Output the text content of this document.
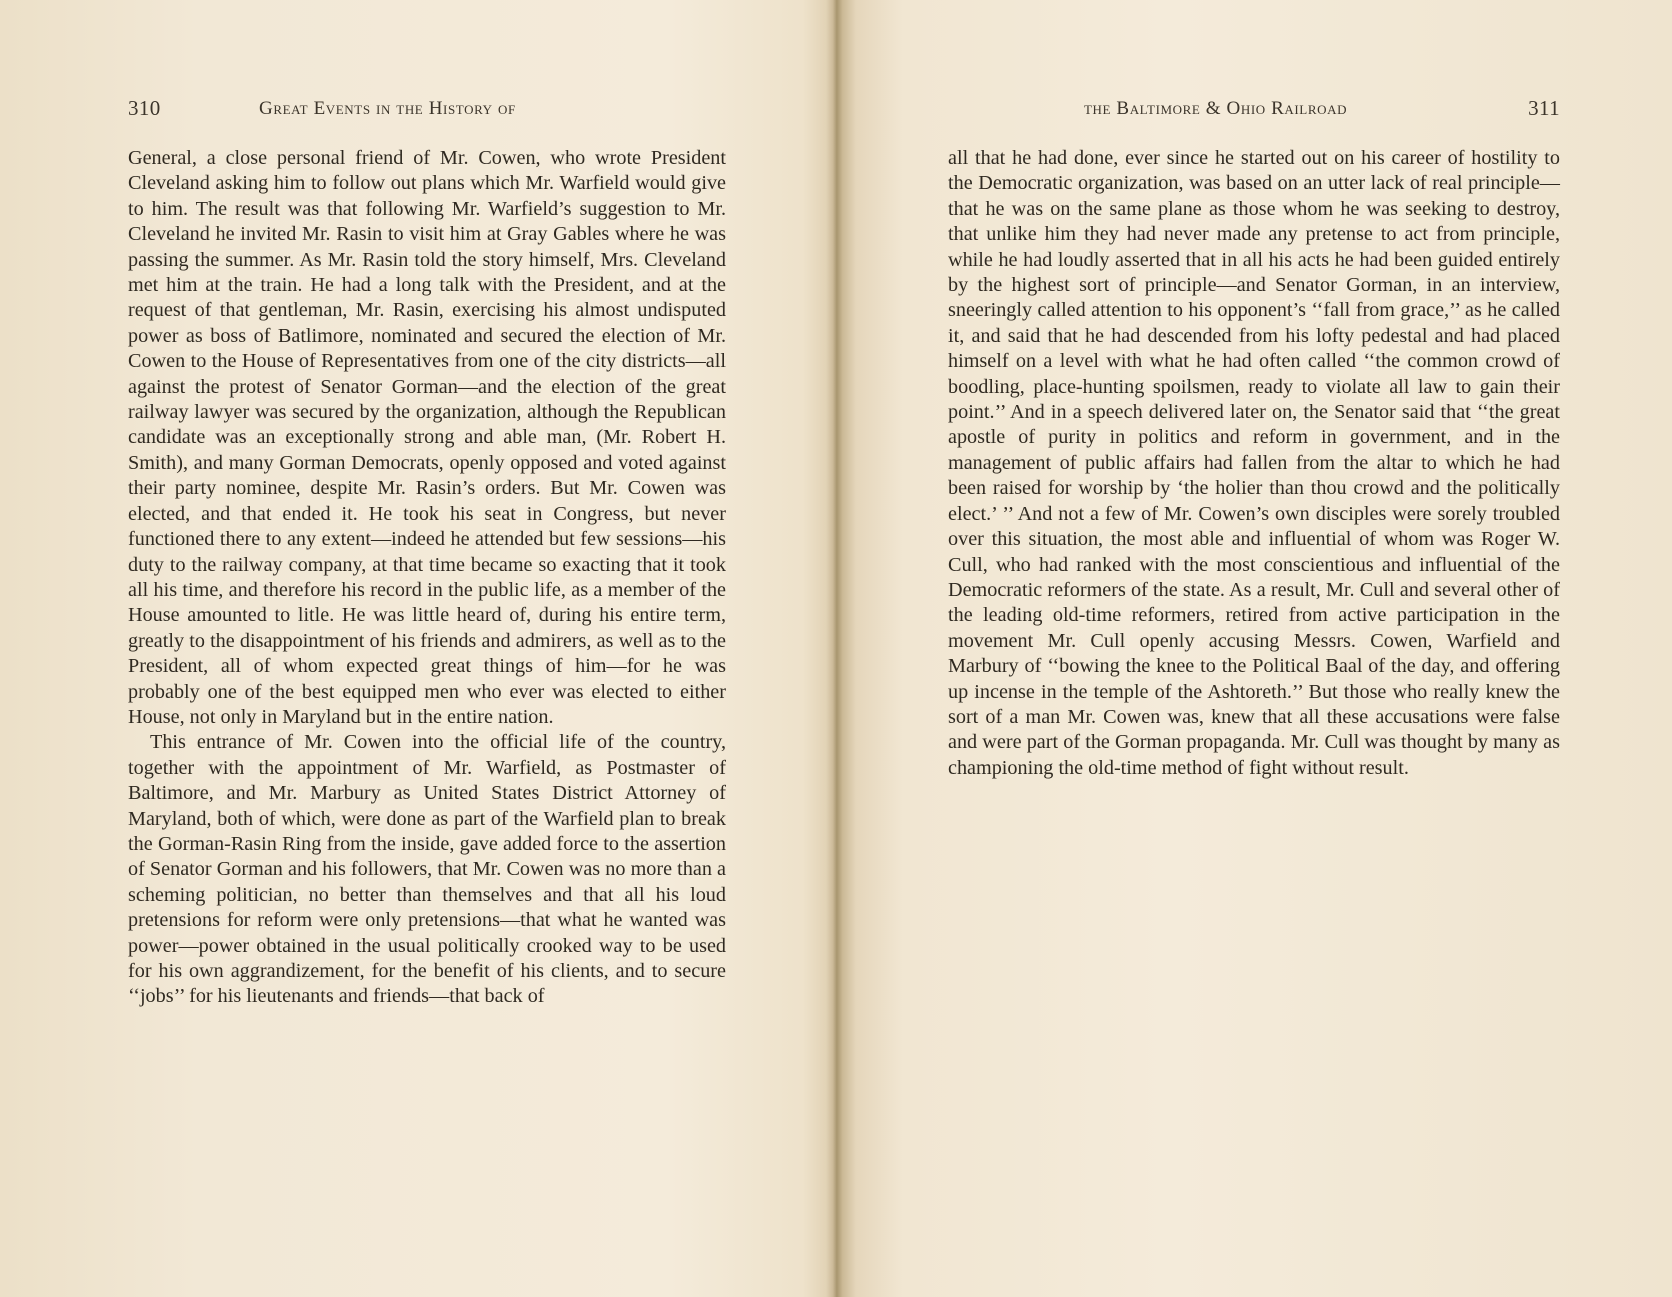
310	Great Events in the History of

General, a close personal friend of Mr. Cowen, who wrote President Cleveland asking him to follow out plans which Mr. Warfield would give to him. The result was that following Mr. Warfield’s suggestion to Mr. Cleveland he invited Mr. Rasin to visit him at Gray Gables where he was passing the summer. As Mr. Rasin told the story himself, Mrs. Cleveland met him at the train. He had a long talk with the President, and at the request of that gentleman, Mr. Rasin, exercising his almost undisputed power as boss of Batlimore, nominated and secured the election of Mr. Cowen to the House of Representatives from one of the city districts—all against the protest of Senator Gorman—and the election of the great railway lawyer was secured by the organization, although the Republican candidate was an exceptionally strong and able man, (Mr. Robert H. Smith), and many Gorman Democrats, openly opposed and voted against their party nominee, despite Mr. Rasin’s orders. But Mr. Cowen was elected, and that ended it. He took his seat in Congress, but never functioned there to any extent—indeed he attended but few sessions—his duty to the railway company, at that time became so exacting that it took all his time, and therefore his record in the public life, as a member of the House amounted to litle. He was little heard of, during his entire term, greatly to the disappointment of his friends and admirers, as well as to the President, all of whom expected great things of him—for he was probably one of the best equipped men who ever was elected to either House, not only in Maryland but in the entire nation.

This entrance of Mr. Cowen into the official life of the country, together with the appointment of Mr. Warfield, as Postmaster of Baltimore, and Mr. Marbury as United States District Attorney of Maryland, both of which, were done as part of the Warfield plan to break the Gorman-Rasin Ring from the inside, gave added force to the assertion of Senator Gorman and his followers, that Mr. Cowen was no more than a scheming politician, no better than themselves and that all his loud pretensions for reform were only pretensions—that what he wanted was power—power obtained in the usual politically crooked way to be used for his own aggrandizement, for the benefit of his clients, and to secure ‘‘jobs’’ for his lieutenants and friends—that back of

the Baltimore & Ohio Railroad	311

all that he had done, ever since he started out on his career of hostility to the Democratic organization, was based on an utter lack of real principle—that he was on the same plane as those whom he was seeking to destroy, that unlike him they had never made any pretense to act from principle, while he had loudly asserted that in all his acts he had been guided entirely by the highest sort of principle—and Senator Gorman, in an interview, sneeringly called attention to his opponent’s ‘‘fall from grace,’’ as he called it, and said that he had descended from his lofty pedestal and had placed himself on a level with what he had often called ‘‘the common crowd of boodling, place-hunting spoilsmen, ready to violate all law to gain their point.’’ And in a speech delivered later on, the Senator said that ‘‘the great apostle of purity in politics and reform in government, and in the management of public affairs had fallen from the altar to which he had been raised for worship by ‘the holier than thou crowd and the politically elect.’ ’’ And not a few of Mr. Cowen’s own disciples were sorely troubled over this situation, the most able and influential of whom was Roger W. Cull, who had ranked with the most conscientious and influential of the Democratic reformers of the state. As a result, Mr. Cull and several other of the leading old-time reformers, retired from active participation in the movement Mr. Cull openly accusing Messrs. Cowen, Warfield and Marbury of ‘‘bowing the knee to the Political Baal of the day, and offering up incense in the temple of the Ashtoreth.’’ But those who really knew the sort of a man Mr. Cowen was, knew that all these accusations were false and were part of the Gorman propaganda. Mr. Cull was thought by many as championing the old-time method of fight without result.
